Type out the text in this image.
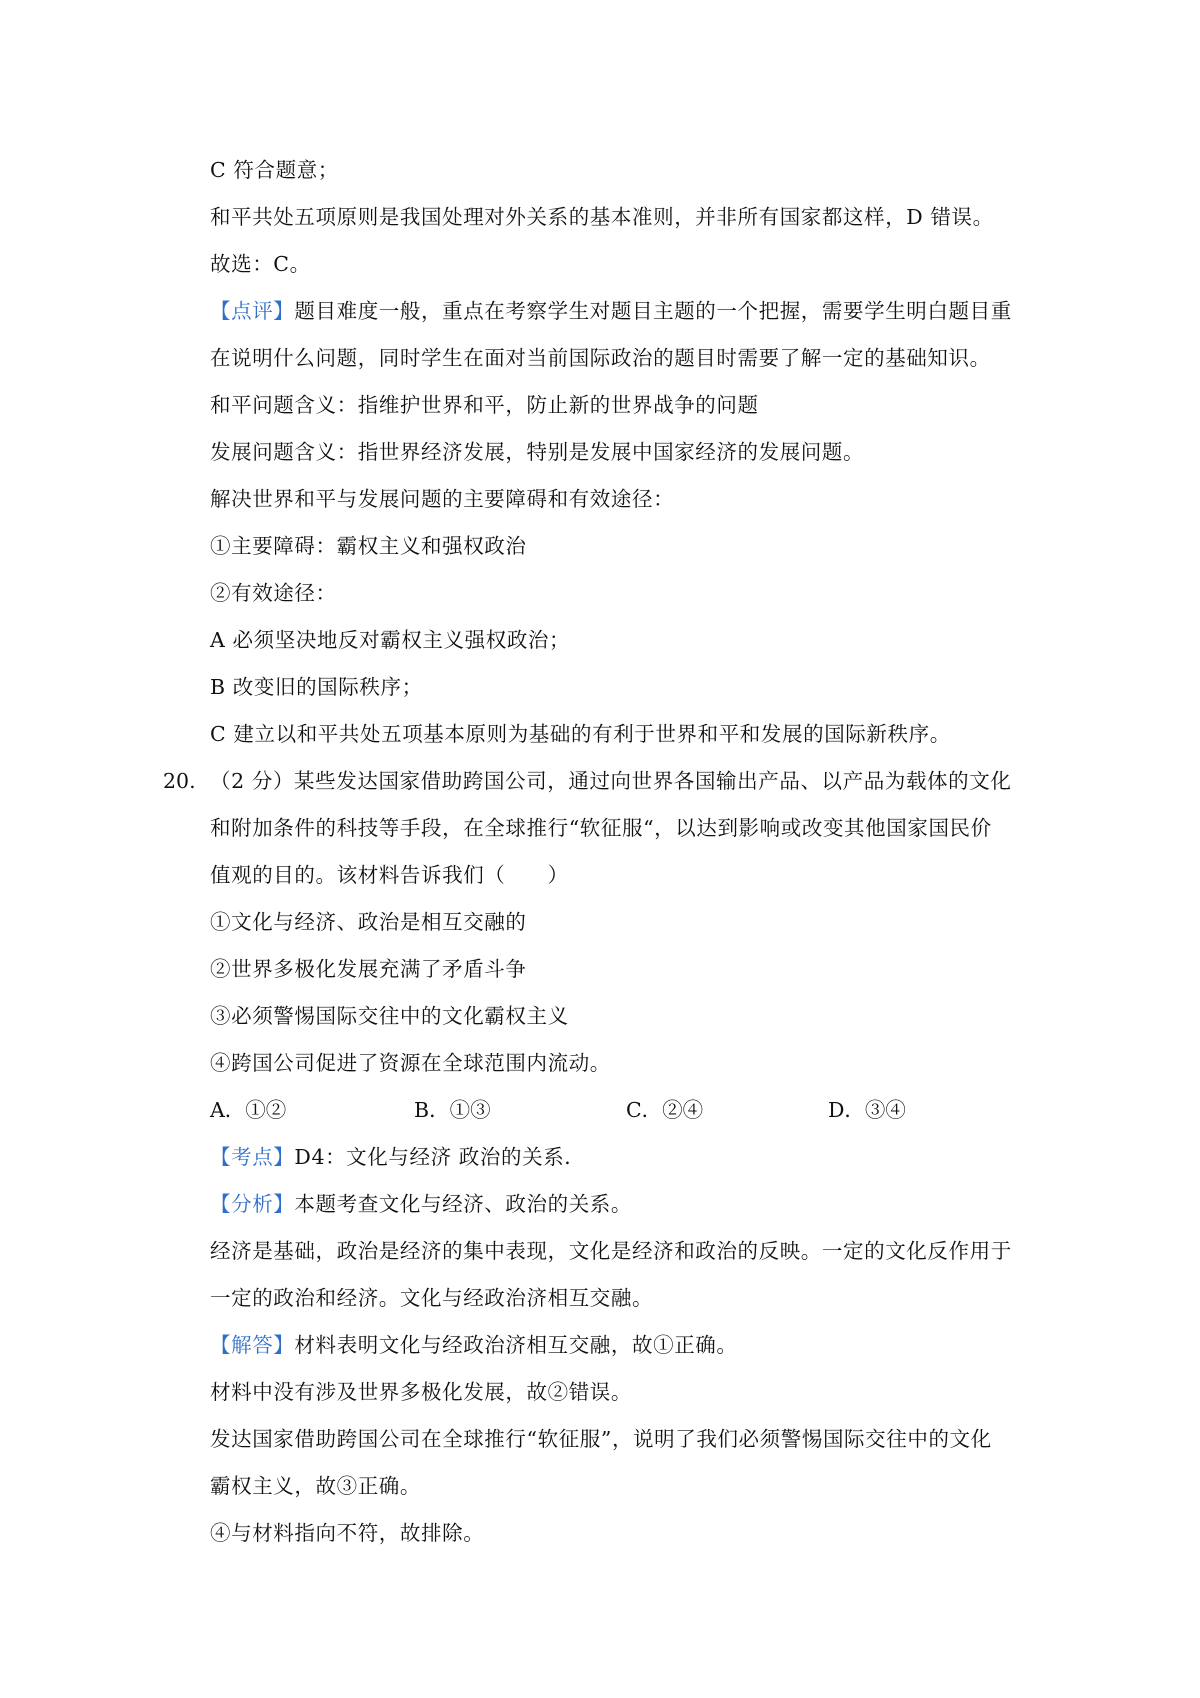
C 符合题意；
和平共处五项原则是我国处理对外关系的基本准则，并非所有国家都这样，D 错误。
故选：C。
【点评】题目难度一般，重点在考察学生对题目主题的一个把握，需要学生明白题目重
在说明什么问题，同时学生在面对当前国际政治的题目时需要了解一定的基础知识。
和平问题含义：指维护世界和平，防止新的世界战争的问题
发展问题含义：指世界经济发展，特别是发展中国家经济的发展问题。
解决世界和平与发展问题的主要障碍和有效途径：
①主要障碍：霸权主义和强权政治
②有效途径：
A 必须坚决地反对霸权主义强权政治；
B 改变旧的国际秩序；
C 建立以和平共处五项基本原则为基础的有利于世界和平和发展的国际新秩序。
20. （2 分）某些发达国家借助跨国公司，通过向世界各国输出产品、以产品为载体的文化
和附加条件的科技等手段，在全球推行“软征服“，以达到影响或改变其他国家国民价
值观的目的。该材料告诉我们（　　）
①文化与经济、政治是相互交融的
②世界多极化发展充满了矛盾斗争
③必须警惕国际交往中的文化霸权主义
④跨国公司促进了资源在全球范围内流动。
A．①②	B．①③	C．②④	D．③④
【考点】D4：文化与经济 政治的关系．
【分析】本题考查文化与经济、政治的关系。
经济是基础，政治是经济的集中表现，文化是经济和政治的反映。一定的文化反作用于
一定的政治和经济。文化与经政治济相互交融。
【解答】材料表明文化与经政治济相互交融，故①正确。
材料中没有涉及世界多极化发展，故②错误。
发达国家借助跨国公司在全球推行“软征服”，说明了我们必须警惕国际交往中的文化
霸权主义，故③正确。
④与材料指向不符，故排除。
